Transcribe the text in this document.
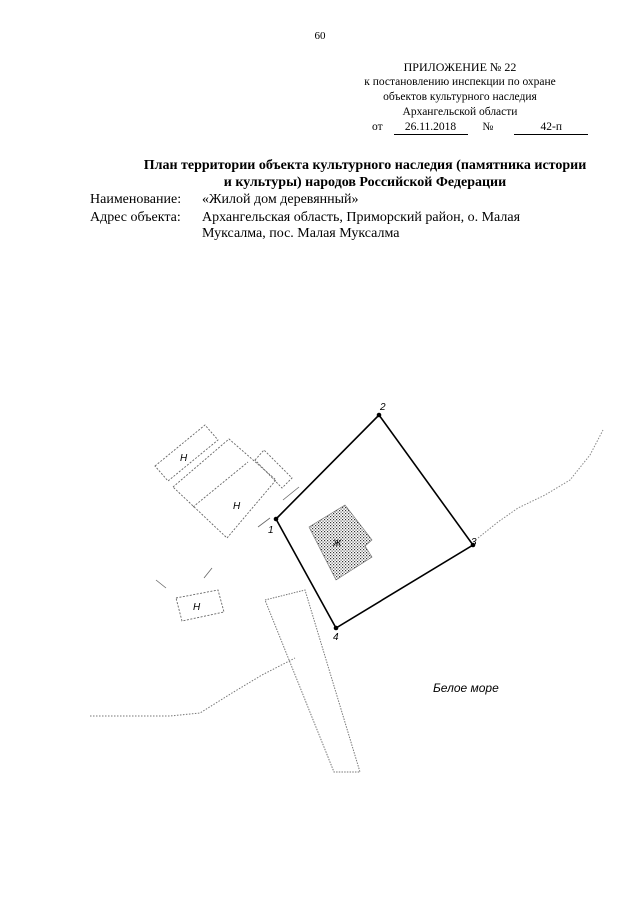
60
ПРИЛОЖЕНИЕ № 22
к постановлению инспекции по охране
объектов культурного наследия
Архангельской области
от 26.11.2018 №	42-п
План территории объекта культурного наследия (памятника истории
и культуры) народов Российской Федерации
Наименование: «Жилой дом деревянный»
Адрес объекта: Архангельская область, Приморский район, о. Малая
Муксалма, пос. Малая Муксалма
1
2
3
4
Ж
Н
Н
Н
Белое море
